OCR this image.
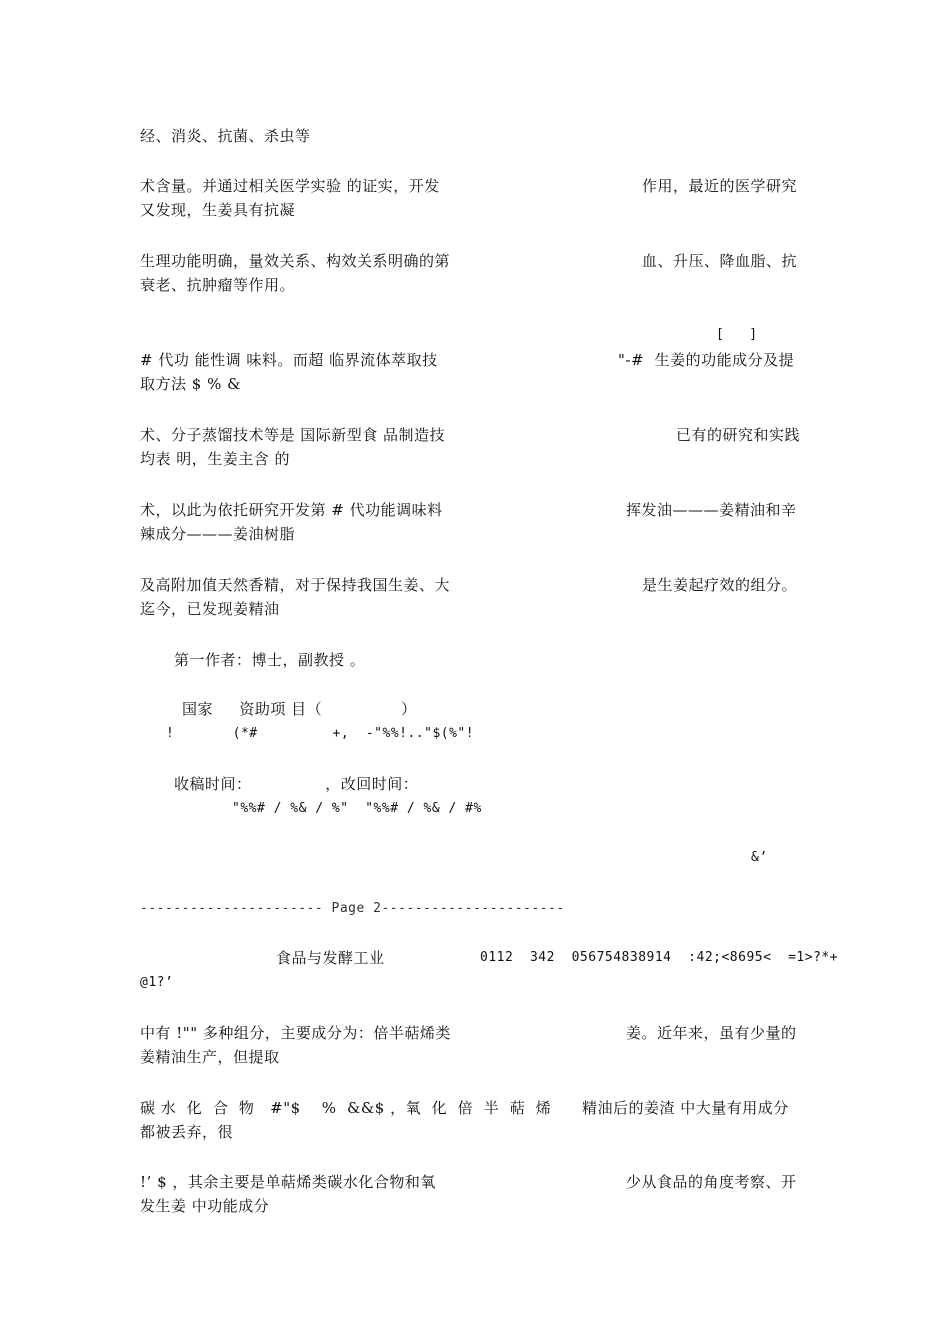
经、消炎、抗菌、杀虫等
术含量。并通过相关医学实验 的证实，开发	作用，最近的医学研究
又发现，生姜具有抗凝
生理功能明确，量效关系、构效关系明确的第	血、升压、降血脂、抗
衰老、抗肿瘤等作用。
[   ]
# 代功 能性调 味料。而超 临界流体萃取技	"-#  生姜的功能成分及提
取方法 $ % &
术、分子蒸馏技术等是 国际新型食 品制造技	已有的研究和实践
均表 明，生姜主含 的
术，以此为依托研究开发第 # 代功能调味料	挥发油———姜精油和辛
辣成分———姜油树脂
及高附加值天然香精，对于保持我国生姜、大	是生姜起疗效的组分。
迄今，已发现姜精油
第一作者：博士，副教授 。
国家     资助项 目（               ）
!       (*#         +,  -"%%!.."$(%"!
收稿时间：              ，改回时间：
"%%# / %& / %"  "%%# / %& / #%
&’
---------------------- Page 2----------------------
食品与发酵工业	0112  342  056754838914  :42;<8695<  =1>?*+
@1?’
中有 !"" 多种组分，主要成分为：倍半萜烯类	姜。近年来，虽有少量的
姜精油生产，但提取
碳 水  化  合  物   #"$    %  &&$ ，氧  化  倍  半  萜  烯 精油后的姜渣 中大量有用成分
都被丢弃，很
!’ $ ，其余主要是单萜烯类碳水化合物和氧	少从食品的角度考察、开
发生姜 中功能成分
